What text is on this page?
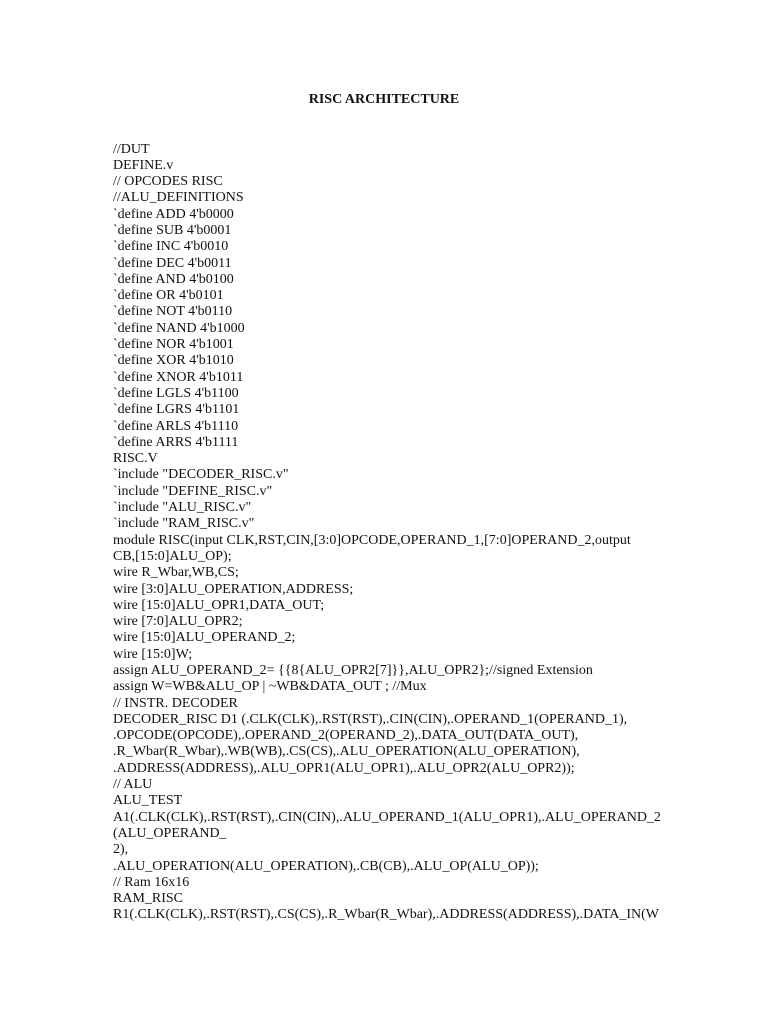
RISC ARCHITECTURE
//DUT
DEFINE.v
// OPCODES RISC
//ALU_DEFINITIONS
`define ADD 4'b0000
`define SUB 4'b0001
`define INC 4'b0010
`define DEC 4'b0011
`define AND 4'b0100
`define OR 4'b0101
`define NOT 4'b0110
`define NAND 4'b1000
`define NOR 4'b1001
`define XOR 4'b1010
`define XNOR 4'b1011
`define LGLS 4'b1100
`define LGRS 4'b1101
`define ARLS 4'b1110
`define ARRS 4'b1111
RISC.V
`include "DECODER_RISC.v"
`include "DEFINE_RISC.v"
`include "ALU_RISC.v"
`include "RAM_RISC.v"
module RISC(input CLK,RST,CIN,[3:0]OPCODE,OPERAND_1,[7:0]OPERAND_2,output
CB,[15:0]ALU_OP);
wire R_Wbar,WB,CS;
wire [3:0]ALU_OPERATION,ADDRESS;
wire [15:0]ALU_OPR1,DATA_OUT;
wire [7:0]ALU_OPR2;
wire [15:0]ALU_OPERAND_2;
wire [15:0]W;
assign ALU_OPERAND_2= {{8{ALU_OPR2[7]}},ALU_OPR2};//signed Extension
assign W=WB&ALU_OP | ~WB&DATA_OUT ; //Mux
// INSTR. DECODER
DECODER_RISC D1 (.CLK(CLK),.RST(RST),.CIN(CIN),.OPERAND_1(OPERAND_1),
.OPCODE(OPCODE),.OPERAND_2(OPERAND_2),.DATA_OUT(DATA_OUT),
.R_Wbar(R_Wbar),.WB(WB),.CS(CS),.ALU_OPERATION(ALU_OPERATION),
.ADDRESS(ADDRESS),.ALU_OPR1(ALU_OPR1),.ALU_OPR2(ALU_OPR2));
// ALU
ALU_TEST
A1(.CLK(CLK),.RST(RST),.CIN(CIN),.ALU_OPERAND_1(ALU_OPR1),.ALU_OPERAND_2
(ALU_OPERAND_
2),
.ALU_OPERATION(ALU_OPERATION),.CB(CB),.ALU_OP(ALU_OP));
// Ram 16x16
RAM_RISC
R1(.CLK(CLK),.RST(RST),.CS(CS),.R_Wbar(R_Wbar),.ADDRESS(ADDRESS),.DATA_IN(W
